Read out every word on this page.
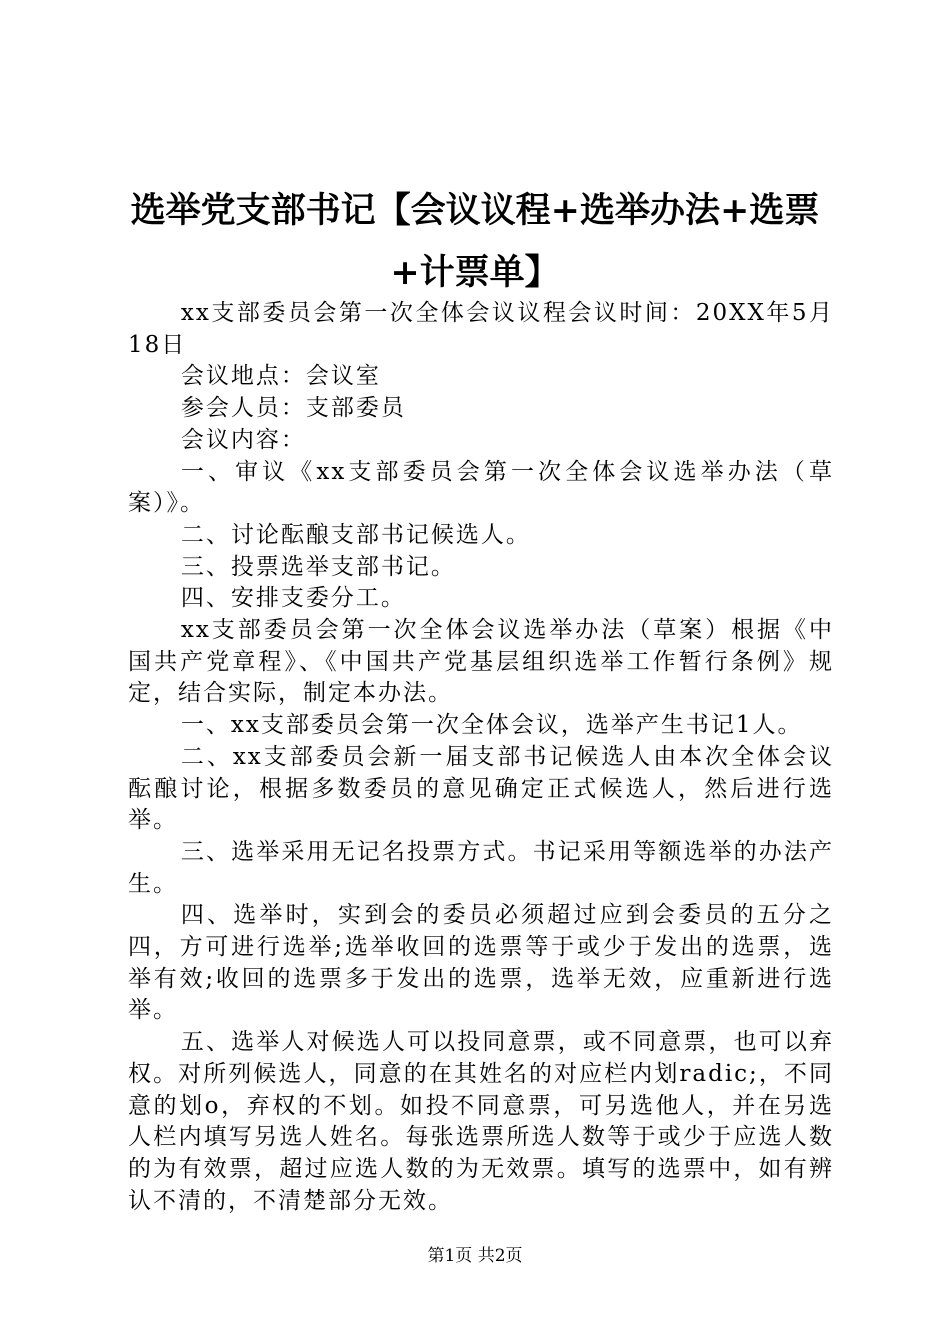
选举党支部书记【会议议程+选举办法+选票+计票单】

xx支部委员会第一次全体会议议程会议时间：20XX年5月18日

会议地点：会议室

参会人员：支部委员

会议内容：

一、审议《xx支部委员会第一次全体会议选举办法（草案）》。

二、讨论酝酿支部书记候选人。

三、投票选举支部书记。

四、安排支委分工。

xx支部委员会第一次全体会议选举办法（草案）根据《中国共产党章程》、《中国共产党基层组织选举工作暂行条例》规定，结合实际，制定本办法。

一、xx支部委员会第一次全体会议，选举产生书记1人。

二、xx支部委员会新一届支部书记候选人由本次全体会议酝酿讨论，根据多数委员的意见确定正式候选人，然后进行选举。

三、选举采用无记名投票方式。书记采用等额选举的办法产生。

四、选举时，实到会的委员必须超过应到会委员的五分之四，方可进行选举;选举收回的选票等于或少于发出的选票，选举有效;收回的选票多于发出的选票，选举无效，应重新进行选举。

五、选举人对候选人可以投同意票，或不同意票，也可以弃权。对所列候选人，同意的在其姓名的对应栏内划radic;，不同意的划o，弃权的不划。如投不同意票，可另选他人，并在另选人栏内填写另选人姓名。每张选票所选人数等于或少于应选人数的为有效票，超过应选人数的为无效票。填写的选票中，如有辨认不清的，不清楚部分无效。

第1页 共2页
